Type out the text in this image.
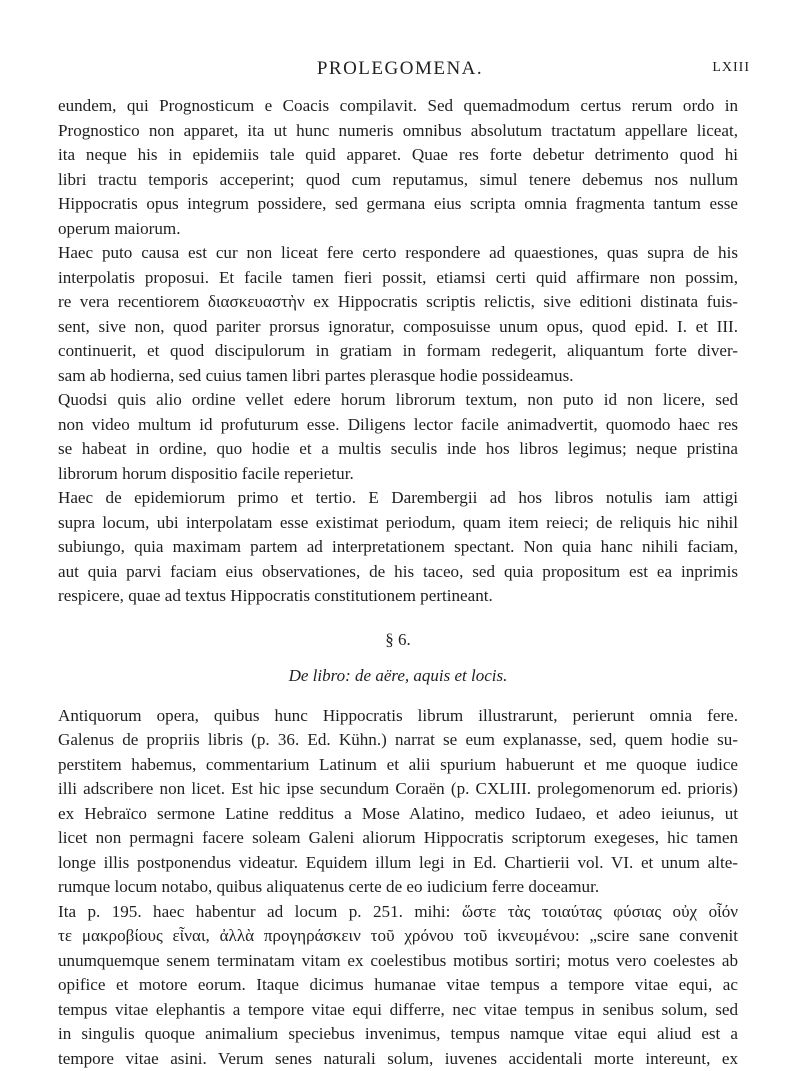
PROLEGOMENA.	LXIII
eundem, qui Prognosticum e Coacis compilavit. Sed quemadmodum certus rerum ordo in
Prognostico non apparet, ita ut hunc numeris omnibus absolutum tractatum appellare liceat,
ita neque his in epidemiis tale quid apparet. Quae res forte debetur detrimento quod hi
libri tractu temporis acceperint; quod cum reputamus, simul tenere debemus nos nullum
Hippocratis opus integrum possidere, sed germana eius scripta omnia fragmenta tantum esse
operum maiorum.
Haec puto causa est cur non liceat fere certo respondere ad quaestiones, quas supra de his
interpolatis proposui. Et facile tamen fieri possit, etiamsi certi quid affirmare non possim,
re vera recentiorem διασκευαστὴν ex Hippocratis scriptis relictis, sive editioni distinata fuis-
sent, sive non, quod pariter prorsus ignoratur, composuisse unum opus, quod epid. I. et III.
continuerit, et quod discipulorum in gratiam in formam redegerit, aliquantum forte diver-
sam ab hodierna, sed cuius tamen libri partes plerasque hodie possideamus.
Quodsi quis alio ordine vellet edere horum librorum textum, non puto id non licere, sed
non video multum id profuturum esse. Diligens lector facile animadvertit, quomodo haec res
se habeat in ordine, quo hodie et a multis seculis inde hos libros legimus; neque pristina
librorum horum dispositio facile reperietur.
Haec de epidemiorum primo et tertio. E Darembergii ad hos libros notulis iam attigi
supra locum, ubi interpolatam esse existimat periodum, quam item reieci; de reliquis hic nihil
subiungo, quia maximam partem ad interpretationem spectant. Non quia hanc nihili faciam,
aut quia parvi faciam eius observationes, de his taceo, sed quia propositum est ea inprimis
respicere, quae ad textus Hippocratis constitutionem pertineant.
§ 6.
De libro: de aëre, aquis et locis.
Antiquorum opera, quibus hunc Hippocratis librum illustrarunt, perierunt omnia fere.
Galenus de propriis libris (p. 36. Ed. Kühn.) narrat se eum explanasse, sed, quem hodie su-
perstitem habemus, commentarium Latinum et alii spurium habuerunt et me quoque iudice
illi adscribere non licet. Est hic ipse secundum Coraën (p. CXLIII. prolegomenorum ed. prioris)
ex Hebraïco sermone Latine redditus a Mose Alatino, medico Iudaeo, et adeo ieiunus, ut
licet non permagni facere soleam Galeni aliorum Hippocratis scriptorum exegeses, hic tamen
longe illis postponendus videatur. Equidem illum legi in Ed. Chartierii vol. VI. et unum alte-
rumque locum notabo, quibus aliquatenus certe de eo iudicium ferre doceamur.
Ita p. 195. haec habentur ad locum p. 251. mihi: ὥστε τὰς τοιαύτας φύσιας οὐχ οἷόν
τε μακροβίους εἶναι, ἀλλὰ προγηράσκειν τοῦ χρόνου τοῦ ἱκνευμένου: „scire sane convenit
unumquemque senem terminatam vitam ex coelestibus motibus sortiri; motus vero coelestes ab
opifice et motore eorum. Itaque dicimus humanae vitae tempus a tempore vitae equi, ac
tempus vitae elephantis a tempore vitae equi differre, nec vitae tempus in senibus solum, sed
in singulis quoque animalium speciebus invenimus, tempus namque vitae equi aliud est a
tempore vitae asini. Verum senes naturali solum, iuvenes accidentali morte intereunt, ex
